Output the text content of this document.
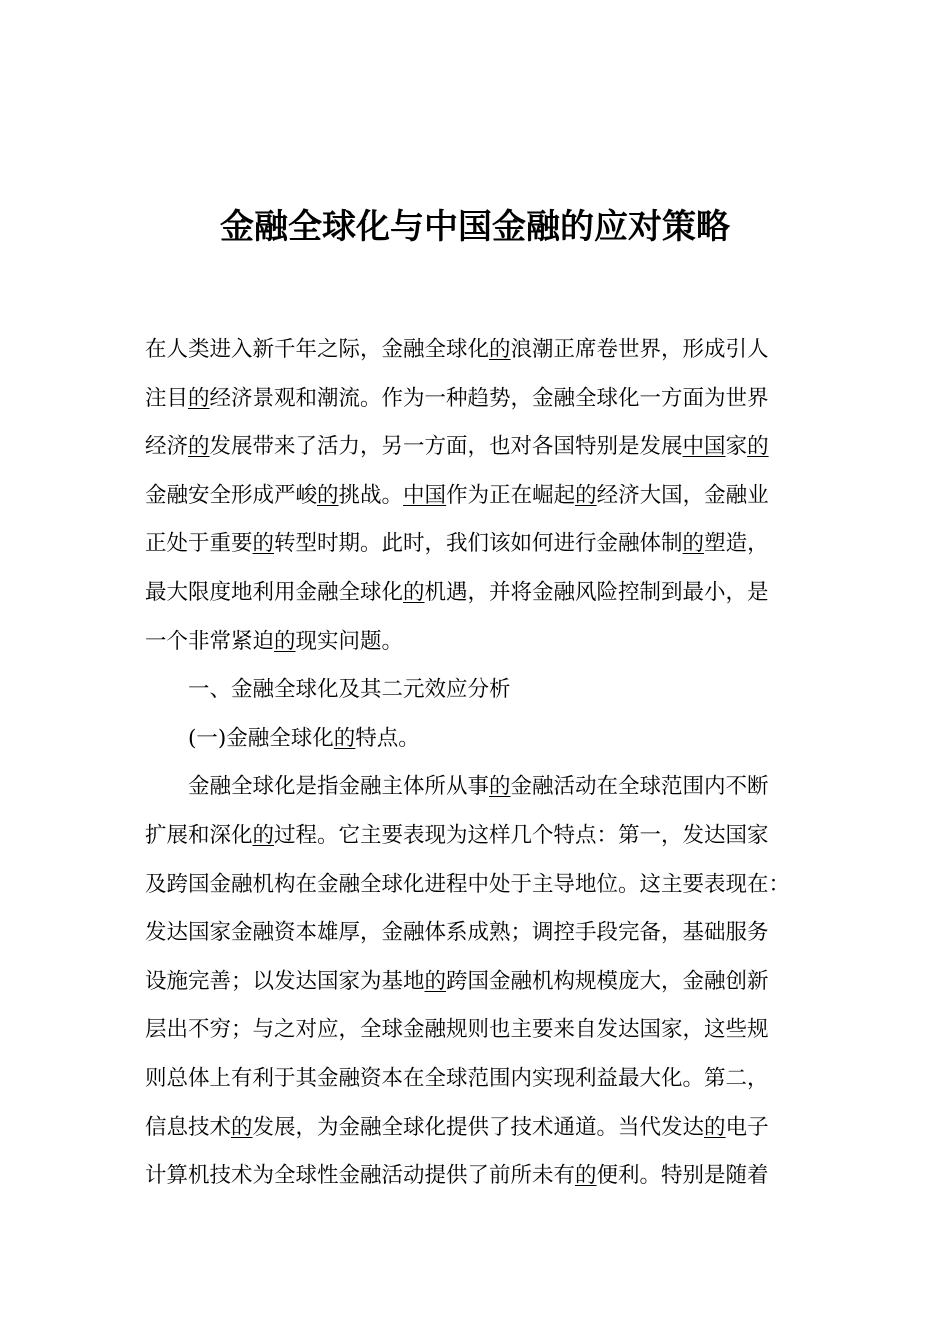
金融全球化与中国金融的应对策略
在人类进入新千年之际，金融全球化的浪潮正席卷世界，形成引人
注目的经济景观和潮流。作为一种趋势，金融全球化一方面为世界
经济的发展带来了活力，另一方面，也对各国特别是发展中国家的
金融安全形成严峻的挑战。中国作为正在崛起的经济大国，金融业
正处于重要的转型时期。此时，我们该如何进行金融体制的塑造，
最大限度地利用金融全球化的机遇，并将金融风险控制到最小，是
一个非常紧迫的现实问题。
一、金融全球化及其二元效应分析
(一)金融全球化的特点。
金融全球化是指金融主体所从事的金融活动在全球范围内不断
扩展和深化的过程。它主要表现为这样几个特点：第一，发达国家
及跨国金融机构在金融全球化进程中处于主导地位。这主要表现在：
发达国家金融资本雄厚，金融体系成熟；调控手段完备，基础服务
设施完善；以发达国家为基地的跨国金融机构规模庞大，金融创新
层出不穷；与之对应，全球金融规则也主要来自发达国家，这些规
则总体上有利于其金融资本在全球范围内实现利益最大化。第二，
信息技术的发展，为金融全球化提供了技术通道。当代发达的电子
计算机技术为全球性金融活动提供了前所未有的便利。特别是随着
